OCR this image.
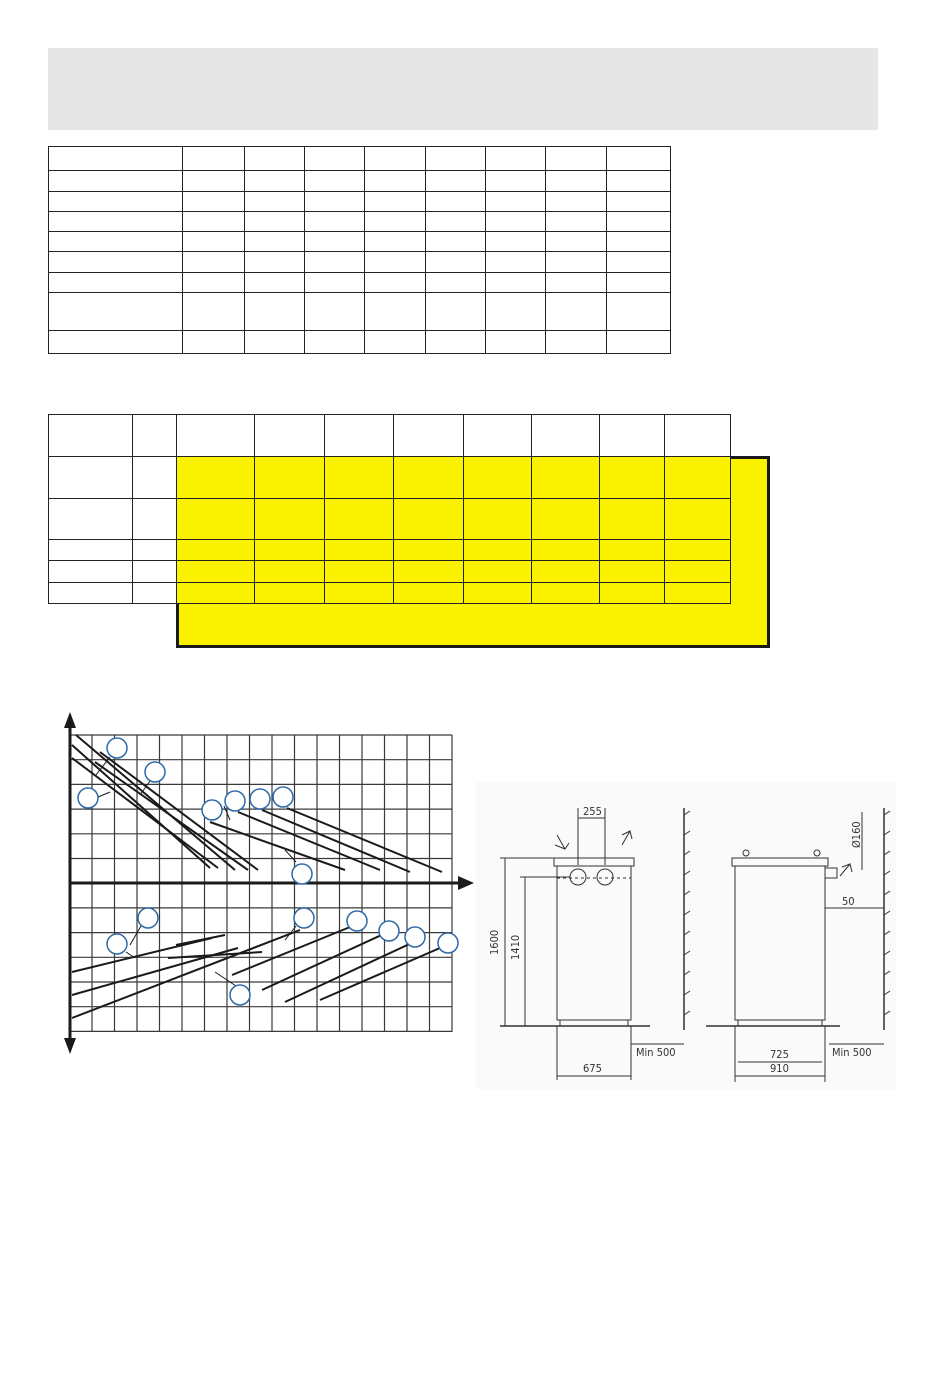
255
1600 1410
675
Min 500
Ø160
50
725
910
Min 500
